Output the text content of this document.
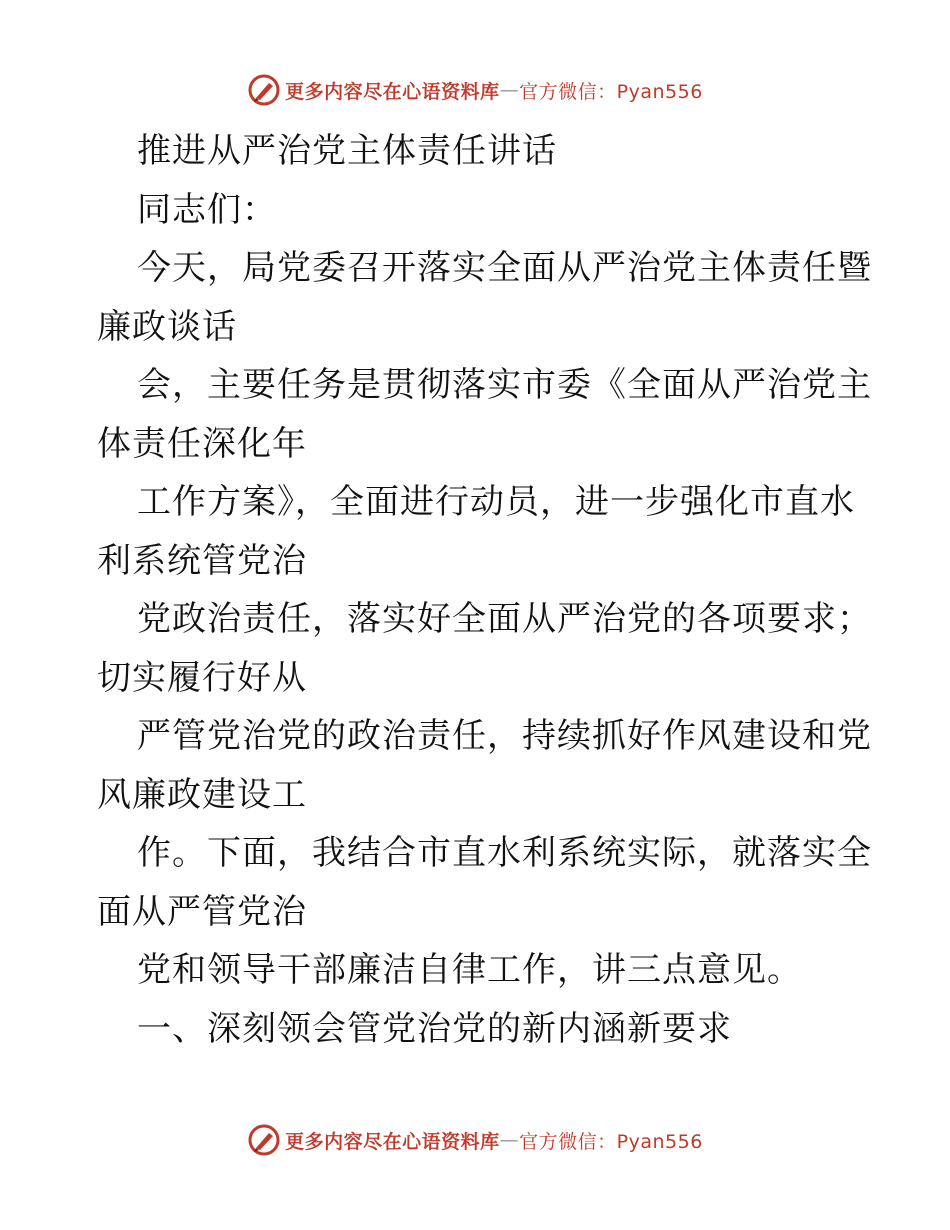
更多内容尽在心语资料库 — 官方微信：Pyan556
推进从严治党主体责任讲话
同志们：
今天，局党委召开落实全面从严治党主体责任暨
廉政谈话
会，主要任务是贯彻落实市委《全面从严治党主
体责任深化年
工作方案》，全面进行动员，进一步强化市直水
利系统管党治
党政治责任，落实好全面从严治党的各项要求；
切实履行好从
严管党治党的政治责任，持续抓好作风建设和党
风廉政建设工
作。下面，我结合市直水利系统实际，就落实全
面从严管党治
党和领导干部廉洁自律工作，讲三点意见。
一、深刻领会管党治党的新内涵新要求
更多内容尽在心语资料库 — 官方微信：Pyan556
